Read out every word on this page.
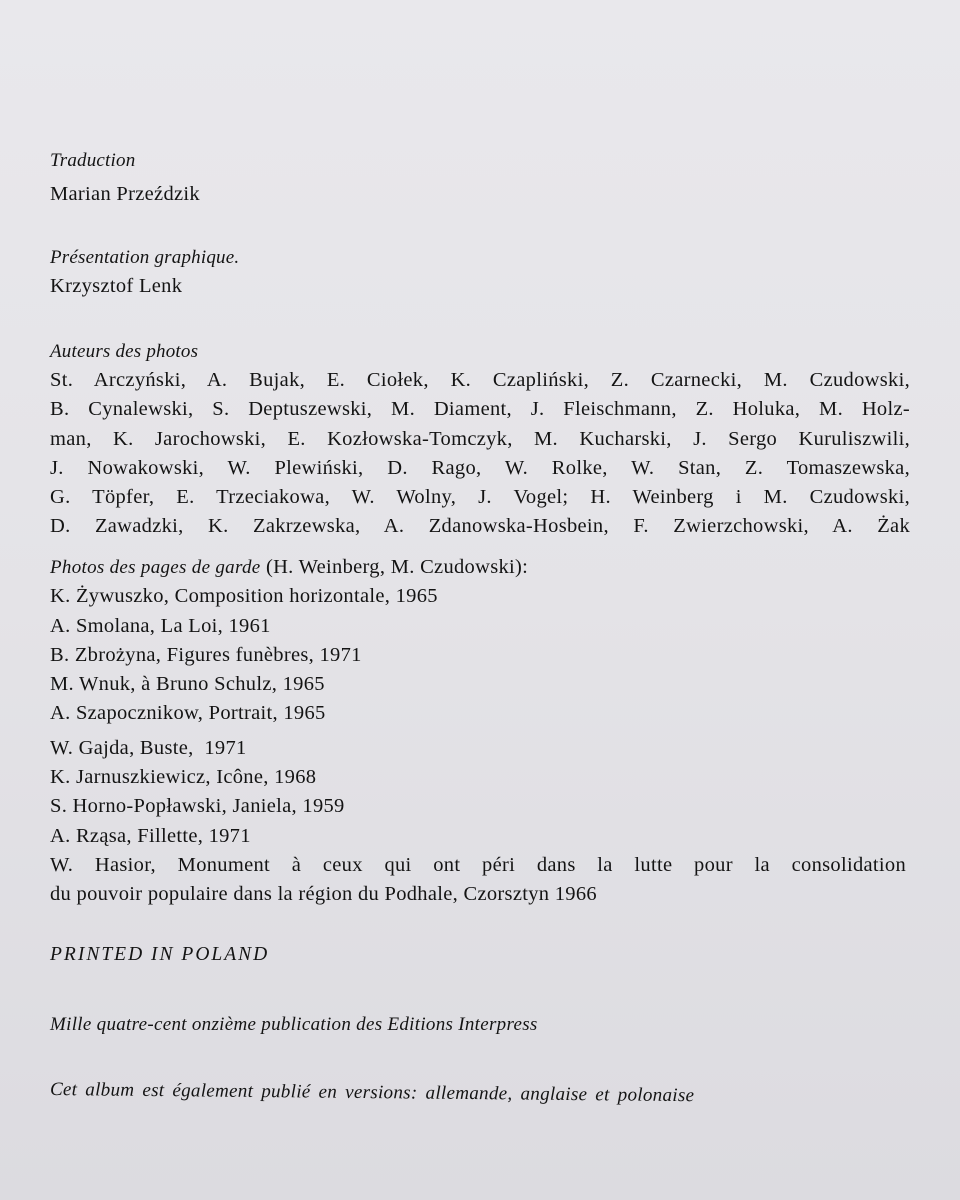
Traduction
Marian Przeździk
Présentation graphique.
Krzysztof Lenk
Auteurs des photos
St. Arczyński, A. Bujak, E. Ciołek, K. Czapliński, Z. Czarnecki, M. Czudowski,
B. Cynalewski, S. Deptuszewski, M. Diament, J. Fleischmann, Z. Holuka, M. Holz-
man, K. Jarochowski, E. Kozłowska-Tomczyk, M. Kucharski, J. Sergo Kuruliszwili,
J. Nowakowski, W. Plewiński, D. Rago, W. Rolke, W. Stan, Z. Tomaszewska,
G. Töpfer, E. Trzeciakowa, W. Wolny, J. Vogel; H. Weinberg i M. Czudowski,
D. Zawadzki, K. Zakrzewska, A. Zdanowska-Hosbein, F. Zwierzchowski, A. Żak
Photos des pages de garde (H. Weinberg, M. Czudowski):
K. Żywuszko, Composition horizontale, 1965
A. Smolana, La Loi, 1961
B. Zbrożyna, Figures funèbres, 1971
M. Wnuk, à Bruno Schulz, 1965
A. Szapocznikow, Portrait, 1965
W. Gajda, Buste,  1971
K. Jarnuszkiewicz, Icône, 1968
S. Horno-Popławski, Janiela, 1959
A. Rząsa, Fillette, 1971
W. Hasior, Monument à ceux qui ont péri dans la lutte pour la consolidation
du pouvoir populaire dans la région du Podhale, Czorsztyn 1966
PRINTED IN POLAND
Mille quatre-cent onzième publication des Editions Interpress
Cet album est également publié en versions: allemande, anglaise et polonaise
